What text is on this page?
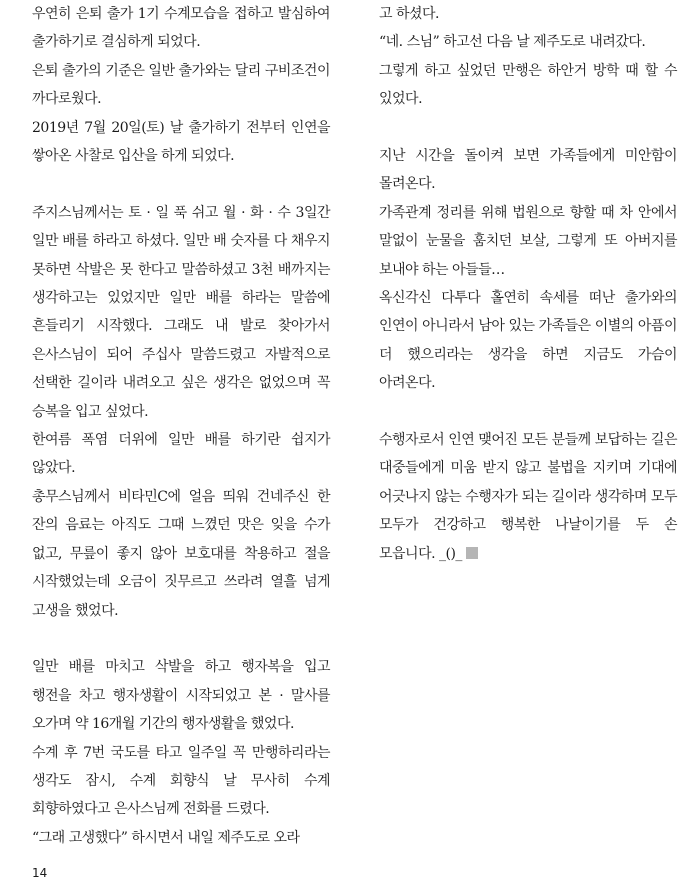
우연히 은퇴 출가 1기 수계모습을 접하고 발심하여 출가하기로 결심하게 되었다.

은퇴 출가의 기준은 일반 출가와는 달리 구비조건이 까다로웠다.

2019년 7월 20일(토) 날 출가하기 전부터 인연을 쌓아온 사찰로 입산을 하게 되었다.

주지스님께서는 토 · 일 푹 쉬고 월 · 화 · 수 3일간 일만 배를 하라고 하셨다. 일만 배 숫자를 다 채우지 못하면 삭발은 못 한다고 말씀하셨고 3천 배까지는 생각하고는 있었지만 일만 배를 하라는 말씀에 흔들리기 시작했다. 그래도 내 발로 찾아가서 은사스님이 되어 주십사 말씀드렸고 자발적으로 선택한 길이라 내려오고 싶은 생각은 없었으며 꼭 승복을 입고 싶었다.

한여름 폭염 더위에 일만 배를 하기란 쉽지가 않았다.

총무스님께서 비타민C에 얼음 띄워 건네주신 한 잔의 음료는 아직도 그때 느꼈던 맛은 잊을 수가 없고, 무릎이 좋지 않아 보호대를 착용하고 절을 시작했었는데 오금이 짓무르고 쓰라려 열흘 넘게 고생을 했었다.

일만 배를 마치고 삭발을 하고 행자복을 입고 행전을 차고 행자생활이 시작되었고 본 · 말사를 오가며 약 16개월 기간의 행자생활을 했었다.

수계 후 7번 국도를 타고 일주일 꼭 만행하리라는 생각도 잠시, 수계 회향식 날 무사히 수계 회향하였다고 은사스님께 전화를 드렸다.

“그래 고생했다” 하시면서 내일 제주도로 오라

고 하셨다.

“네. 스님” 하고선 다음 날 제주도로 내려갔다.

그렇게 하고 싶었던 만행은 하안거 방학 때 할 수 있었다.

지난 시간을 돌이켜 보면 가족들에게 미안함이 몰려온다.

가족관계 정리를 위해 법원으로 향할 때 차 안에서 말없이 눈물을 훔치던 보살, 그렇게 또 아버지를 보내야 하는 아들들…

옥신각신 다투다 홀연히 속세를 떠난 출가와의 인연이 아니라서 남아 있는 가족들은 이별의 아픔이 더 했으리라는 생각을 하면 지금도 가슴이 아려온다.

수행자로서 인연 맺어진 모든 분들께 보답하는 길은 대중들에게 미움 받지 않고 불법을 지키며 기대에 어긋나지 않는 수행자가 되는 길이라 생각하며 모두 모두가 건강하고 행복한 나날이기를 두 손 모읍니다. _()_

14
